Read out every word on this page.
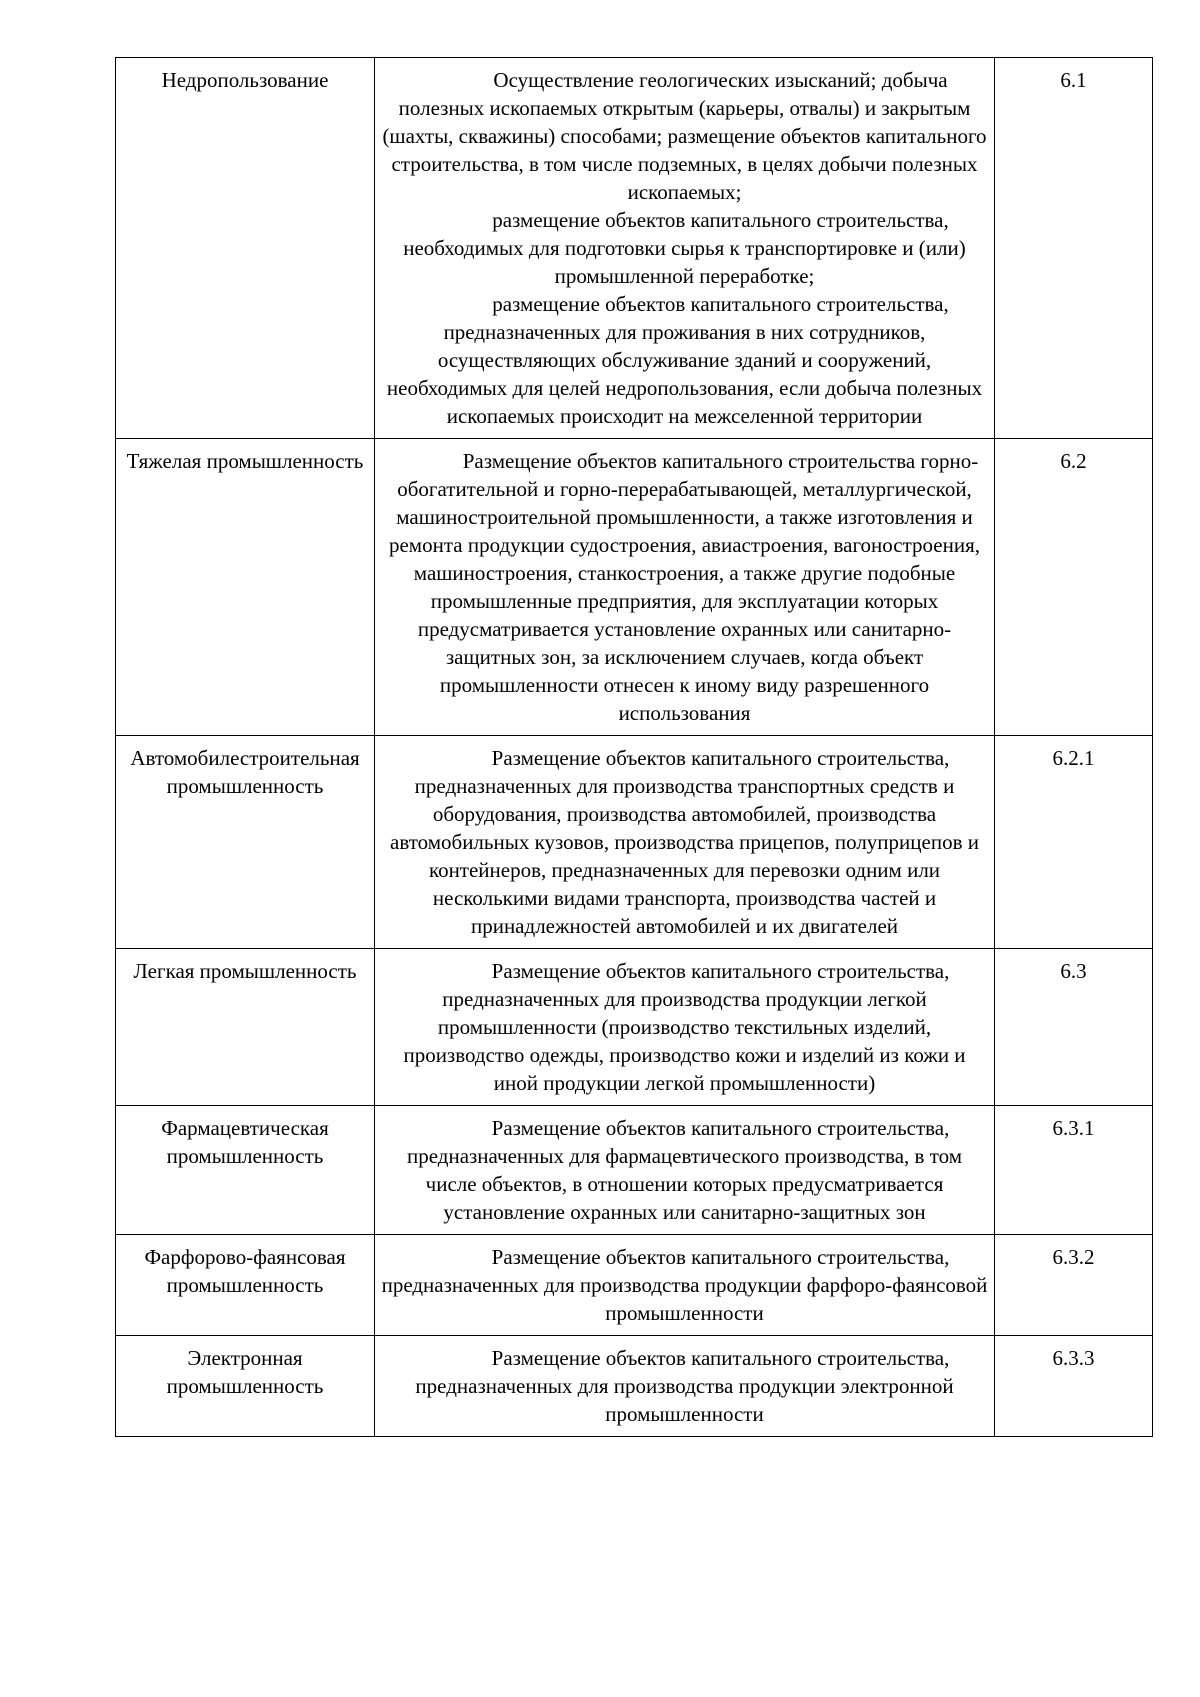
Недропользование	Осуществление геологических изысканий; добыча полезных ископаемых открытым (карьеры, отвалы) и закрытым (шахты, скважины) способами; размещение объектов капитального строительства, в том числе подземных, в целях добычи полезных ископаемых;
размещение объектов капитального строительства, необходимых для подготовки сырья к транспортировке и (или) промышленной переработке;
размещение объектов капитального строительства, предназначенных для проживания в них сотрудников, осуществляющих обслуживание зданий и сооружений, необходимых для целей недропользования, если добыча полезных ископаемых происходит на межселенной территории	6.1
Тяжелая промышленность	Размещение объектов капитального строительства горно-обогатительной и горно-перерабатывающей, металлургической, машиностроительной промышленности, а также изготовления и ремонта продукции судостроения, авиастроения, вагоностроения, машиностроения, станкостроения, а также другие подобные промышленные предприятия, для эксплуатации которых предусматривается установление охранных или санитарно-защитных зон, за исключением случаев, когда объект промышленности отнесен к иному виду разрешенного использования	6.2
Автомобилестроительная промышленность	Размещение объектов капитального строительства, предназначенных для производства транспортных средств и оборудования, производства автомобилей, производства автомобильных кузовов, производства прицепов, полуприцепов и контейнеров, предназначенных для перевозки одним или несколькими видами транспорта, производства частей и принадлежностей автомобилей и их двигателей	6.2.1
Легкая промышленность	Размещение объектов капитального строительства, предназначенных для производства продукции легкой промышленности (производство текстильных изделий, производство одежды, производство кожи и изделий из кожи и иной продукции легкой промышленности)	6.3
Фармацевтическая промышленность	Размещение объектов капитального строительства, предназначенных для фармацевтического производства, в том числе объектов, в отношении которых предусматривается установление охранных или санитарно-защитных зон	6.3.1
Фарфорово-фаянсовая промышленность	Размещение объектов капитального строительства, предназначенных для производства продукции фарфоро-фаянсовой промышленности	6.3.2
Электронная промышленность	Размещение объектов капитального строительства, предназначенных для производства продукции электронной промышленности	6.3.3
